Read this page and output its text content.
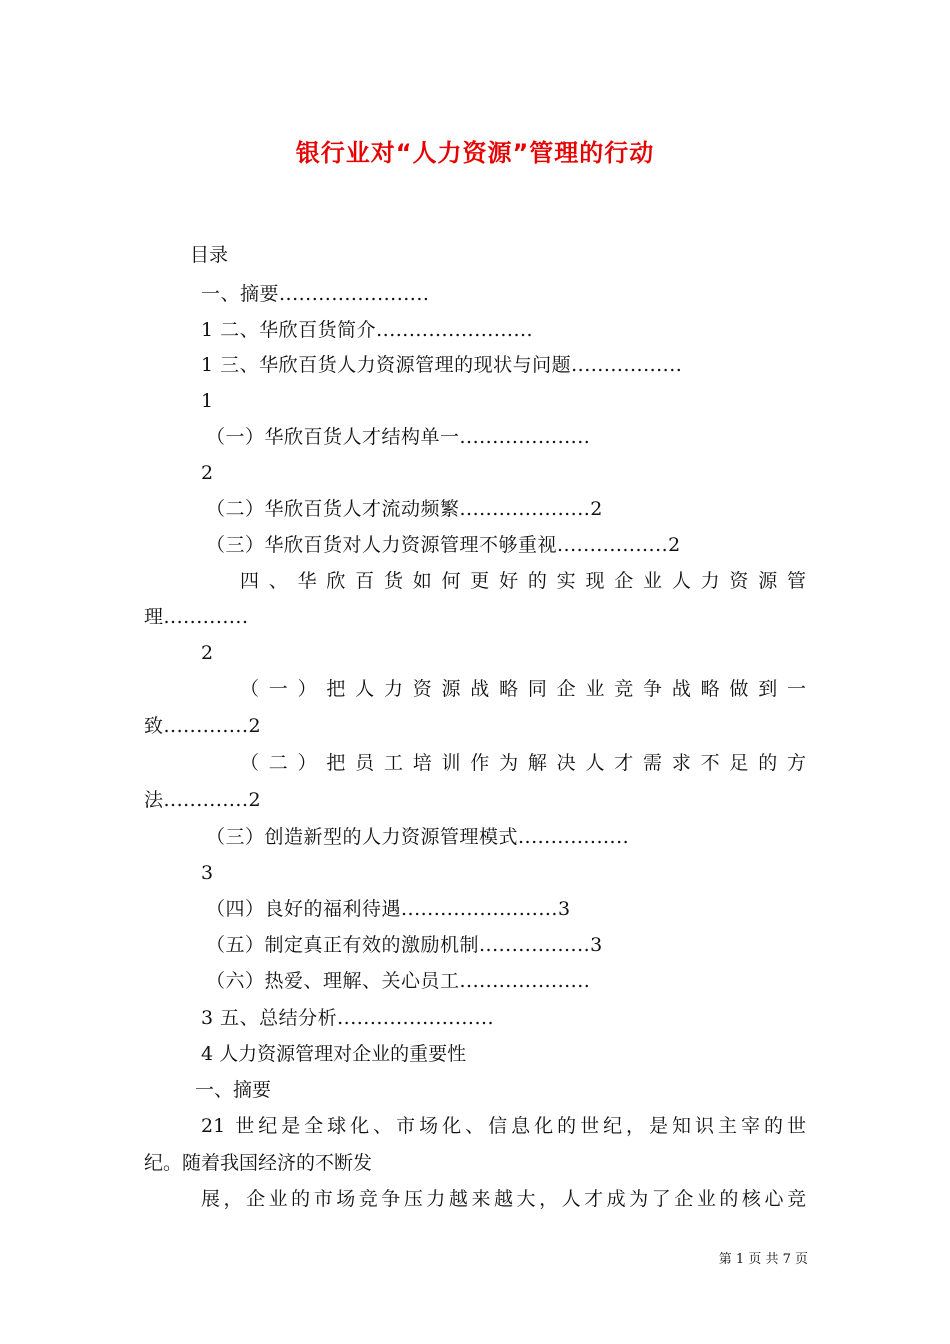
银行业对“人力资源”管理的行动
目录
一、摘要.......................
1 二、华欣百货简介........................
1 三、华欣百货人力资源管理的现状与问题.................
1
（一）华欣百货人才结构单一....................
2
（二）华欣百货人才流动频繁....................2
（三）华欣百货对人力资源管理不够重视.................2
四、华欣百货如何更好的实现企业人力资源管
理.............
2
（一）把人力资源战略同企业竞争战略做到一
致.............2
（二）把员工培训作为解决人才需求不足的方
法.............2
（三）创造新型的人力资源管理模式.................
3
（四）良好的福利待遇........................3
（五）制定真正有效的激励机制.................3
（六）热爱、理解、关心员工....................
3 五、总结分析........................
4 人力资源管理对企业的重要性
一、摘要
21 世纪是全球化、市场化、信息化的世纪，是知识主宰的世
纪。随着我国经济的不断发
展，企业的市场竞争压力越来越大，人才成为了企业的核心竞
第 1 页 共 7 页
